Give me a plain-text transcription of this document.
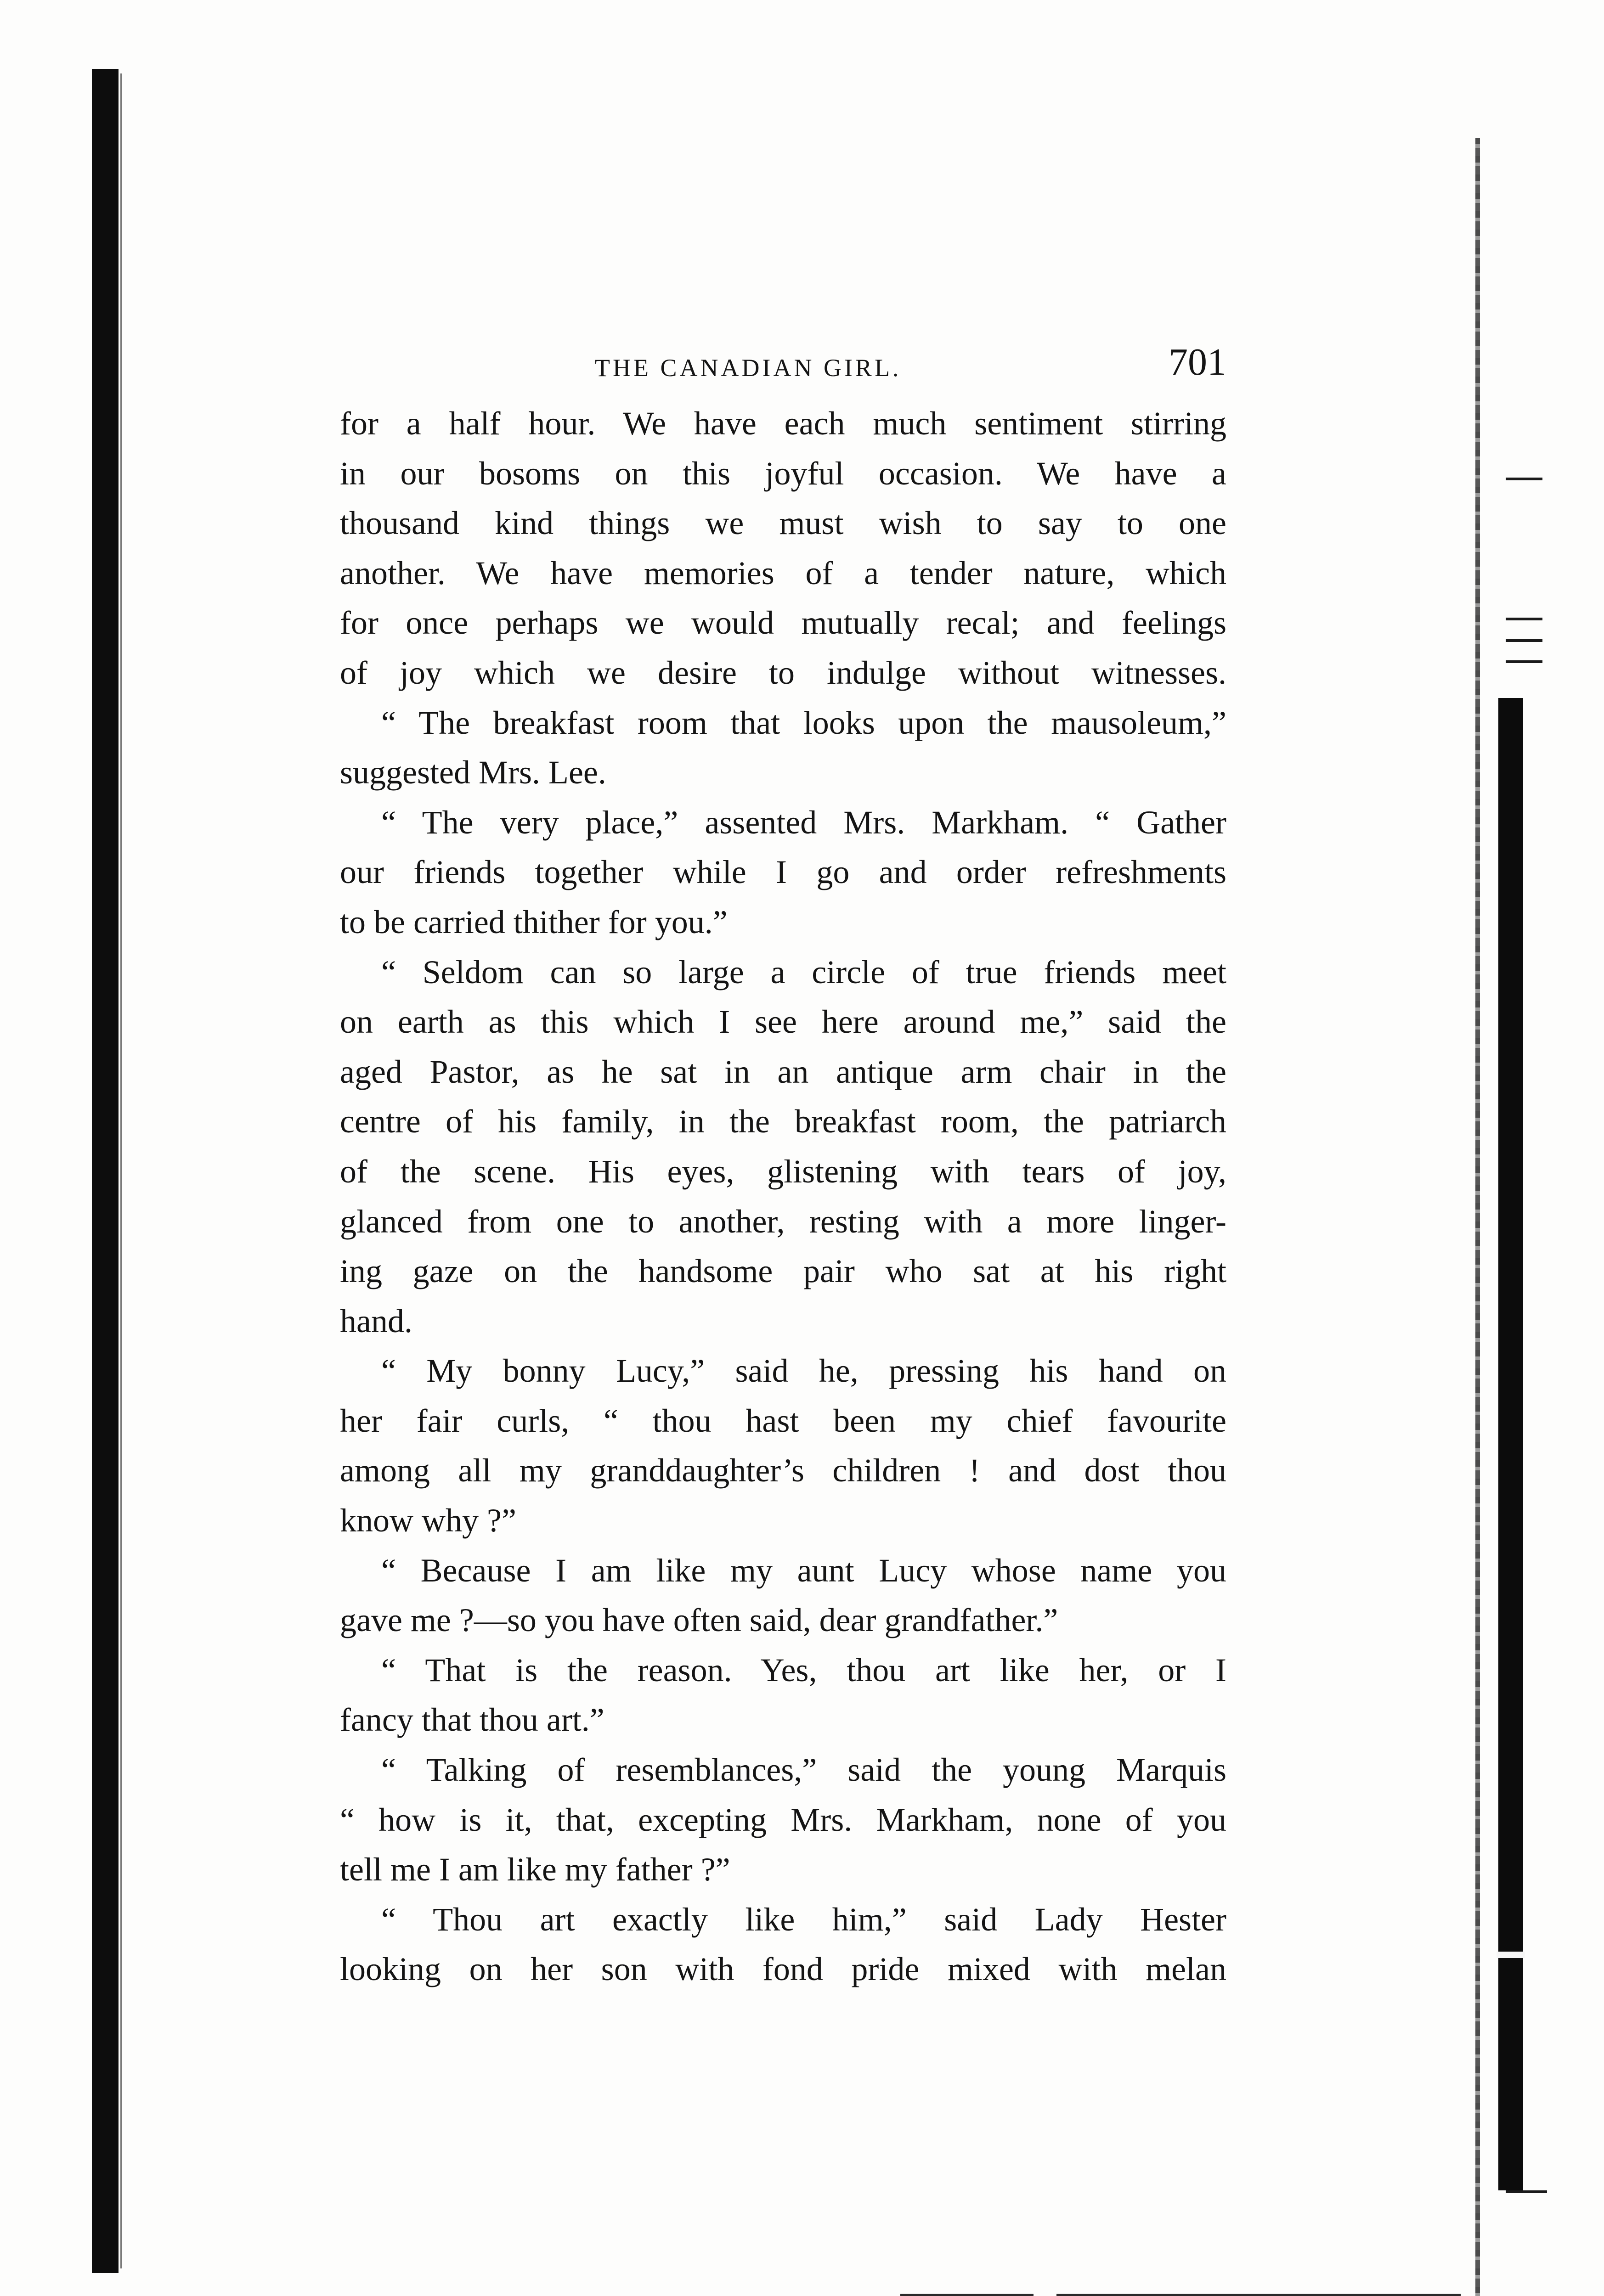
THE CANADIAN GIRL.	701
for a half hour. We have each much sentiment stirring
in our bosoms on this joyful occasion. We have a
thousand kind things we must wish to say to one
another. We have memories of a tender nature, which
for once perhaps we would mutually recal; and feelings
of joy which we desire to indulge without witnesses.
“ The breakfast room that looks upon the mausoleum,”
suggested Mrs. Lee.
“ The very place,” assented Mrs. Markham. “ Gather
our friends together while I go and order refreshments
to be carried thither for you.”
“ Seldom can so large a circle of true friends meet
on earth as this which I see here around me,” said the
aged Pastor, as he sat in an antique arm chair in the
centre of his family, in the breakfast room, the patriarch
of the scene. His eyes, glistening with tears of joy,
glanced from one to another, resting with a more linger-
ing gaze on the handsome pair who sat at his right
hand.
“ My bonny Lucy,” said he, pressing his hand on
her fair curls, “ thou hast been my chief favourite
among all my granddaughter’s children ! and dost thou
know why ?”
“ Because I am like my aunt Lucy whose name you
gave me ?—so you have often said, dear grandfather.”
“ That is the reason. Yes, thou art like her, or I
fancy that thou art.”
“ Talking of resemblances,” said the young Marquis
“ how is it, that, excepting Mrs. Markham, none of you
tell me I am like my father ?”
“ Thou art exactly like him,” said Lady Hester
looking on her son with fond pride mixed with melan
